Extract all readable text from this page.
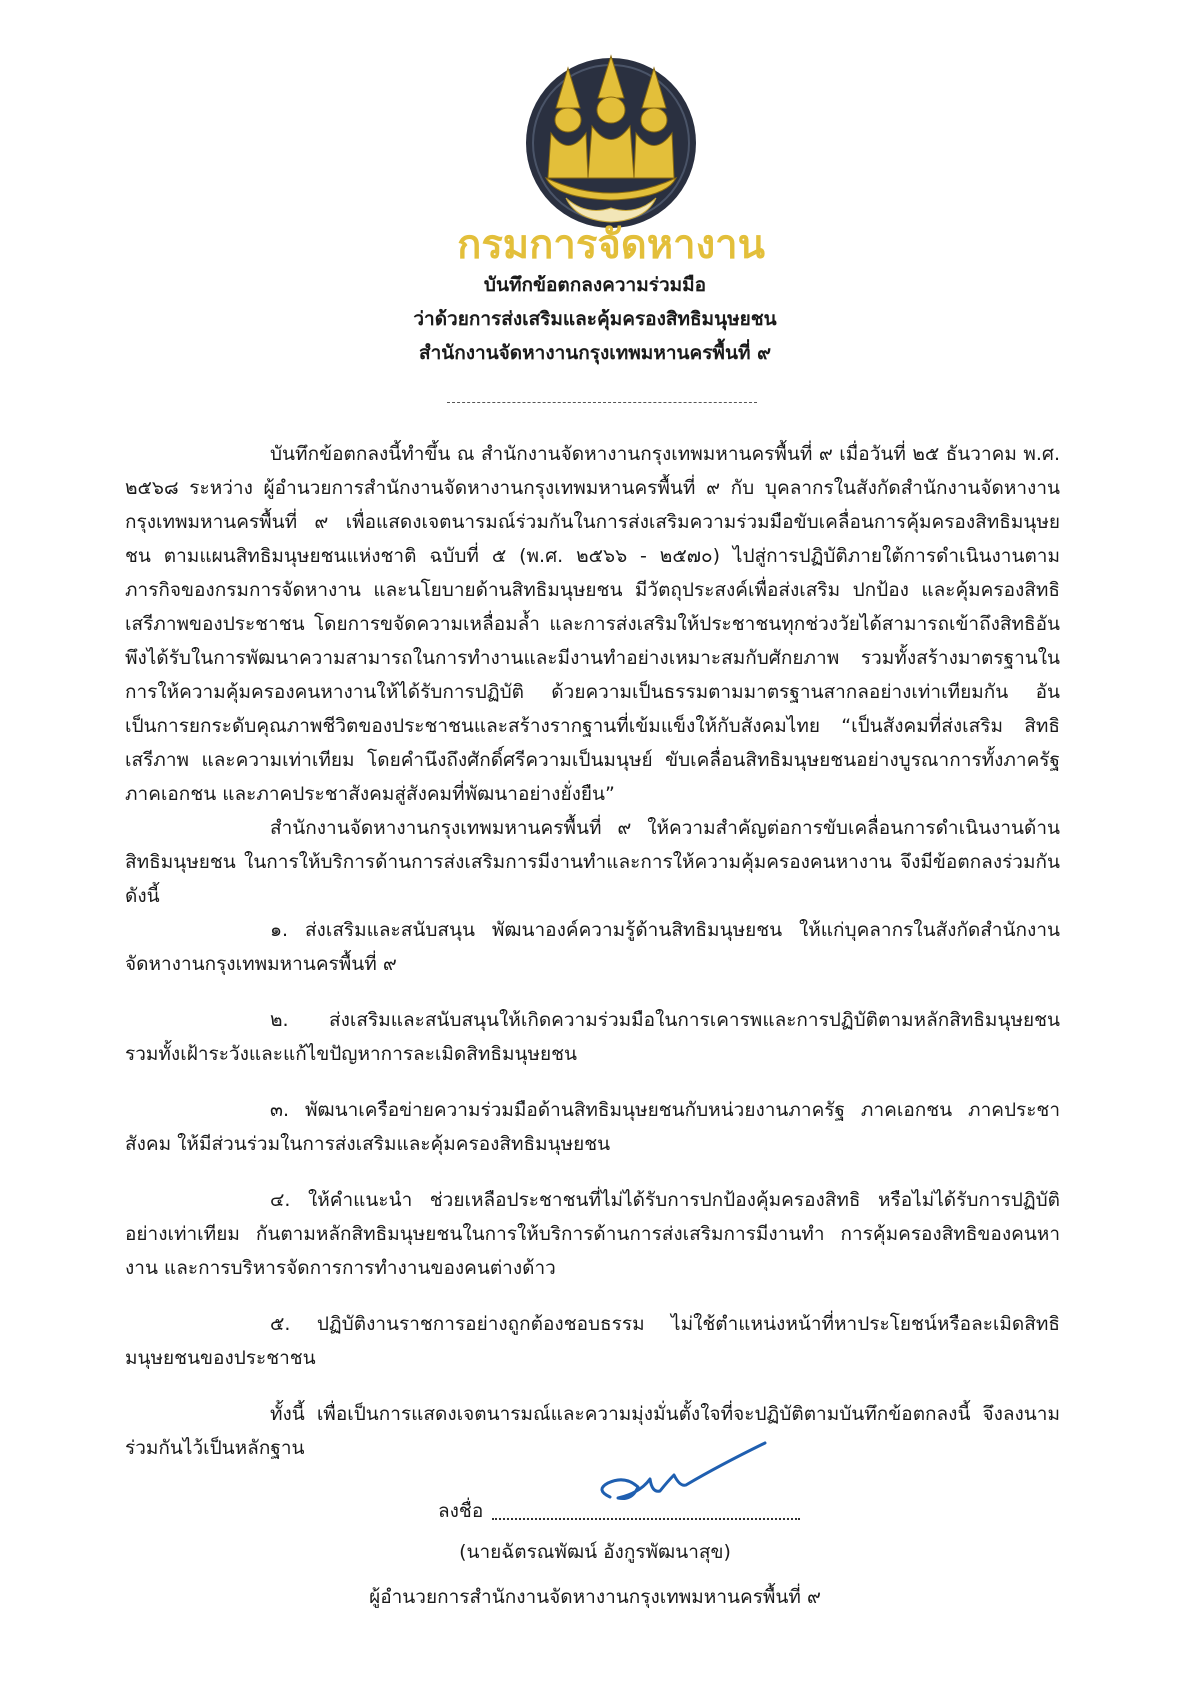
กรมการจัดหางาน

บันทึกข้อตกลงความร่วมมือ

ว่าด้วยการส่งเสริมและคุ้มครองสิทธิมนุษยชน

สำนักงานจัดหางานกรุงเทพมหานครพื้นที่ ๙

บันทึกข้อตกลงนี้ทำขึ้น ณ สำนักงานจัดหางานกรุงเทพมหานครพื้นที่ ๙ เมื่อวันที่ ๒๕ ธันวาคม พ.ศ. ๒๕๖๘ ระหว่าง ผู้อำนวยการสำนักงานจัดหางานกรุงเทพมหานครพื้นที่ ๙ กับ บุคลากรในสังกัดสำนักงานจัดหางานกรุงเทพมหานครพื้นที่ ๙ เพื่อแสดงเจตนารมณ์ร่วมกันในการส่งเสริมความร่วมมือขับเคลื่อนการคุ้มครองสิทธิมนุษยชน ตามแผนสิทธิมนุษยชนแห่งชาติ ฉบับที่ ๕ (พ.ศ. ๒๕๖๖ - ๒๕๗๐) ไปสู่การปฏิบัติภายใต้การดำเนินงานตามภารกิจของกรมการจัดหางาน และนโยบายด้านสิทธิมนุษยชน มีวัตถุประสงค์เพื่อส่งเสริม ปกป้อง และคุ้มครองสิทธิเสรีภาพของประชาชน โดยการขจัดความเหลื่อมล้ำ และการส่งเสริมให้ประชาชนทุกช่วงวัยได้สามารถเข้าถึงสิทธิอันพึงได้รับในการพัฒนาความสามารถในการทำงานและมีงานทำอย่างเหมาะสมกับศักยภาพ รวมทั้งสร้างมาตรฐานในการให้ความคุ้มครองคนหางานให้ได้รับการปฏิบัติ ด้วยความเป็นธรรมตามมาตรฐานสากลอย่างเท่าเทียมกัน อันเป็นการยกระดับคุณภาพชีวิตของประชาชนและสร้างรากฐานที่เข้มแข็งให้กับสังคมไทย “เป็นสังคมที่ส่งเสริม สิทธิ เสรีภาพ และความเท่าเทียม โดยคำนึงถึงศักดิ์ศรีความเป็นมนุษย์ ขับเคลื่อนสิทธิมนุษยชนอย่างบูรณาการทั้งภาครัฐ ภาคเอกชน และภาคประชาสังคมสู่สังคมที่พัฒนาอย่างยั่งยืน”

สำนักงานจัดหางานกรุงเทพมหานครพื้นที่ ๙ ให้ความสำคัญต่อการขับเคลื่อนการดำเนินงานด้านสิทธิมนุษยชน ในการให้บริการด้านการส่งเสริมการมีงานทำและการให้ความคุ้มครองคนหางาน จึงมีข้อตกลงร่วมกัน ดังนี้

๑. ส่งเสริมและสนับสนุน พัฒนาองค์ความรู้ด้านสิทธิมนุษยชน ให้แก่บุคลากรในสังกัดสำนักงานจัดหางานกรุงเทพมหานครพื้นที่ ๙

๒. ส่งเสริมและสนับสนุนให้เกิดความร่วมมือในการเคารพและการปฏิบัติตามหลักสิทธิมนุษยชน รวมทั้งเฝ้าระวังและแก้ไขปัญหาการละเมิดสิทธิมนุษยชน

๓. พัฒนาเครือข่ายความร่วมมือด้านสิทธิมนุษยชนกับหน่วยงานภาครัฐ ภาคเอกชน ภาคประชาสังคม ให้มีส่วนร่วมในการส่งเสริมและคุ้มครองสิทธิมนุษยชน

๔. ให้คำแนะนำ ช่วยเหลือประชาชนที่ไม่ได้รับการปกป้องคุ้มครองสิทธิ หรือไม่ได้รับการปฏิบัติอย่างเท่าเทียม กันตามหลักสิทธิมนุษยชนในการให้บริการด้านการส่งเสริมการมีงานทำ การคุ้มครองสิทธิของคนหางาน และการบริหารจัดการการทำงานของคนต่างด้าว

๕. ปฏิบัติงานราชการอย่างถูกต้องชอบธรรม ไม่ใช้ตำแหน่งหน้าที่หาประโยชน์หรือละเมิดสิทธิมนุษยชนของประชาชน

ทั้งนี้ เพื่อเป็นการแสดงเจตนารมณ์และความมุ่งมั่นตั้งใจที่จะปฏิบัติตามบันทึกข้อตกลงนี้ จึงลงนามร่วมกันไว้เป็นหลักฐาน

ลงชื่อ
(นายฉัตรณพัฒน์ อังกูรพัฒนาสุข)
ผู้อำนวยการสำนักงานจัดหางานกรุงเทพมหานครพื้นที่ ๙
